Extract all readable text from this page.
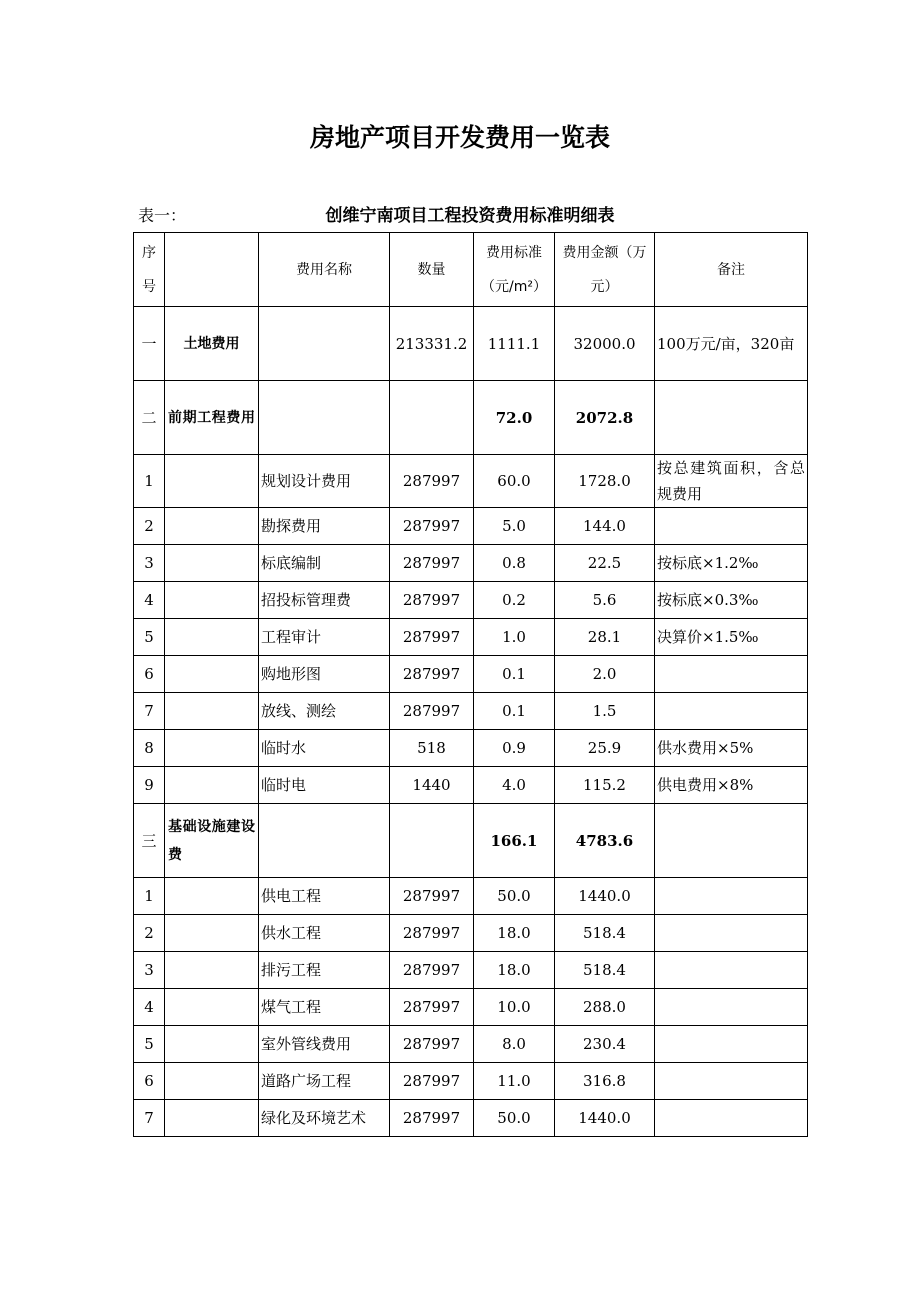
房地产项目开发费用一览表
表一：	创维宁南项目工程投资费用标准明细表
序号		费用名称	数量	费用标准（元/m²）	费用金额（万元）	备注
一	土地费用		213331.2	1111.1	32000.0	100万元/亩，320亩
二	前期工程费用			72.0	2072.8	
1		规划设计费用	287997	60.0	1728.0	按总建筑面积，含总规费用
2		勘探费用	287997	5.0	144.0	
3		标底编制	287997	0.8	22.5	按标底×1.2‰
4		招投标管理费	287997	0.2	5.6	按标底×0.3‰
5		工程审计	287997	1.0	28.1	决算价×1.5‰
6		购地形图	287997	0.1	2.0	
7		放线、测绘	287997	0.1	1.5	
8		临时水	518	0.9	25.9	供水费用×5%
9		临时电	1440	4.0	115.2	供电费用×8%
三	基础设施建设费			166.1	4783.6	
1		供电工程	287997	50.0	1440.0	
2		供水工程	287997	18.0	518.4	
3		排污工程	287997	18.0	518.4	
4		煤气工程	287997	10.0	288.0	
5		室外管线费用	287997	8.0	230.4	
6		道路广场工程	287997	11.0	316.8	
7		绿化及环境艺术	287997	50.0	1440.0	
